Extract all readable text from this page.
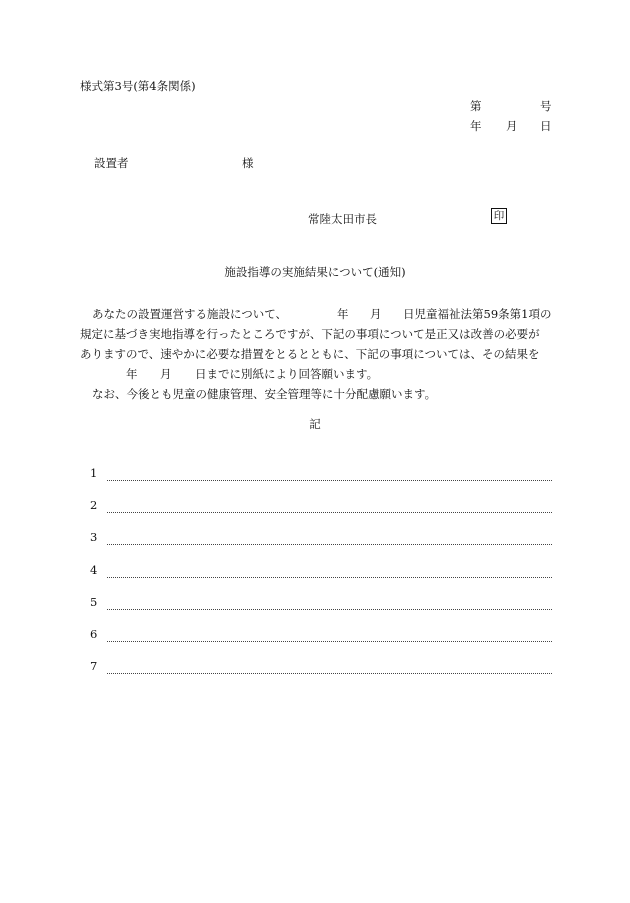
様式第3号(第4条関係)
第	号
年 月 日
設置者	様
常陸太田市長	印
施設指導の実施結果について(通知)
あなたの設置運営する施設について、	年 月 日児童福祉法第59条第1項の
規定に基づき実地指導を行ったところですが、下記の事項について是正又は改善の必要が
ありますので、速やかに必要な措置をとるとともに、下記の事項については、その結果を
年 月 日までに別紙により回答願います。
なお、今後とも児童の健康管理、安全管理等に十分配慮願います。
記
1
2
3
4
5
6
7
